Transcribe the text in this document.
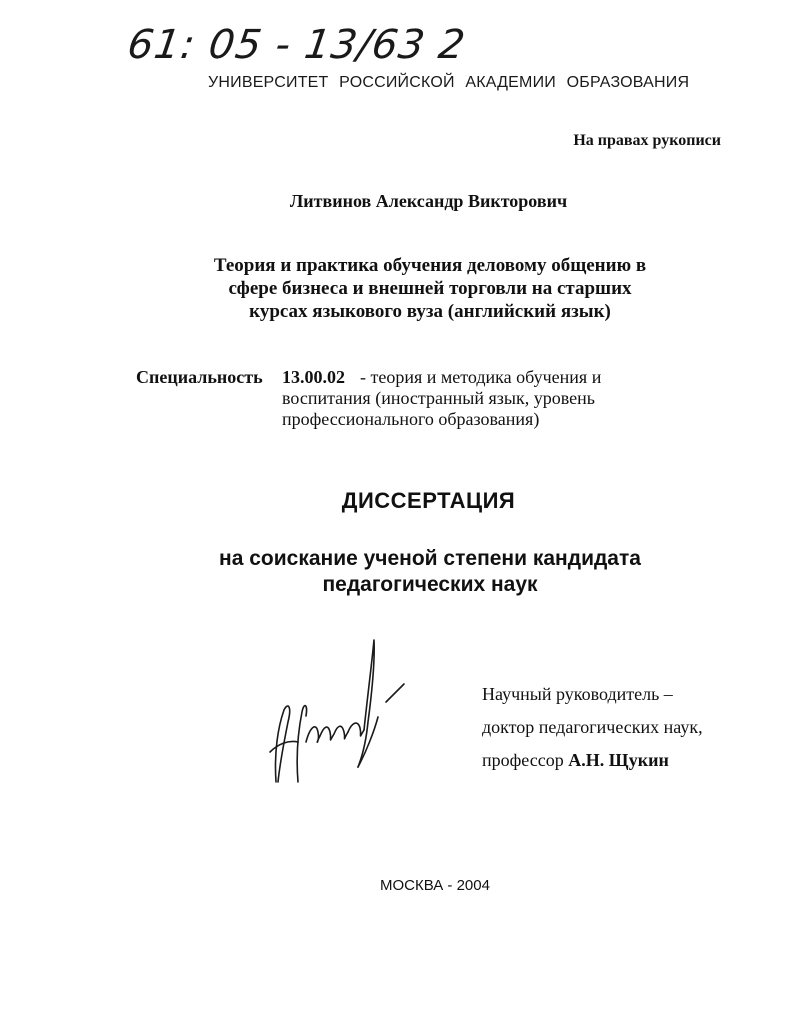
61: 05 - 13/63 2
УНИВЕРСИТЕТ РОССИЙСКОЙ АКАДЕМИИ ОБРАЗОВАНИЯ
На правах рукописи
Литвинов Александр Викторович
Теория и практика обучения деловому общению в
сфере бизнеса и внешней торговли на старших
курсах языкового вуза (английский язык)
Специальность 13.00.02 - теория и методика обучения и
воспитания (иностранный язык, уровень
профессионального образования)
ДИССЕРТАЦИЯ
на соискание ученой степени кандидата
педагогических наук
Научный руководитель –
доктор педагогических наук,
профессор А.Н. Щукин
МОСКВА - 2004
